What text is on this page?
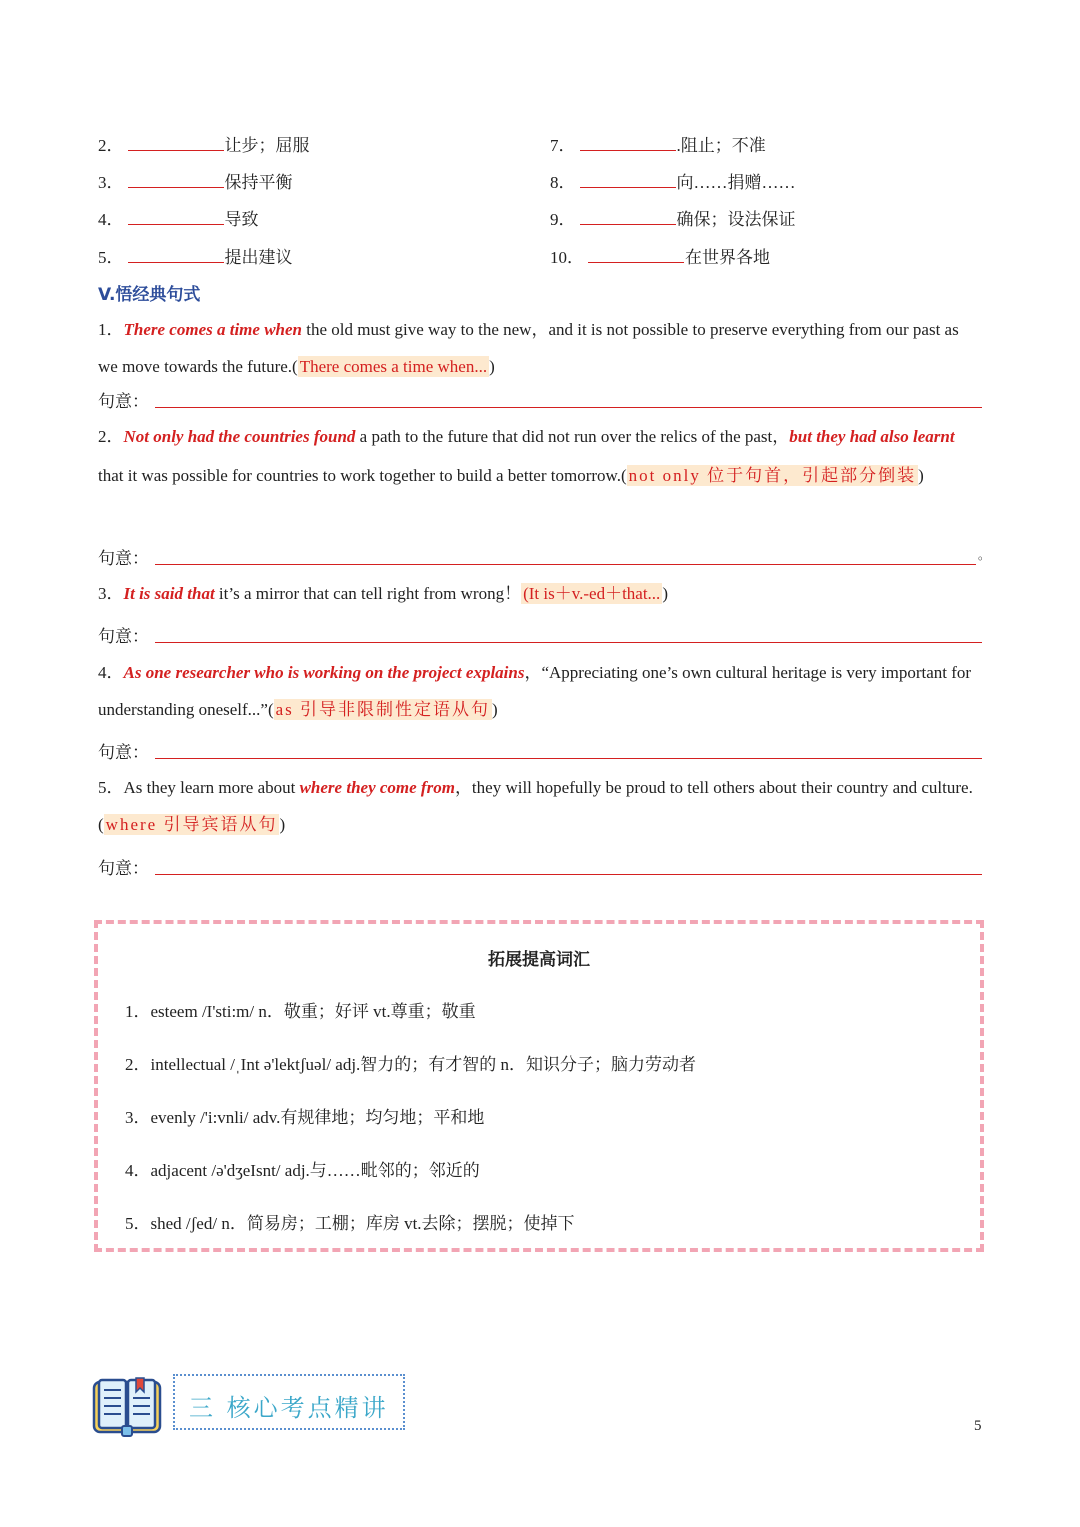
2．	让步；屈服
3．	保持平衡
4．	导致
5．	提出建议
7．	.阻止；不准
8．	向……捐赠……
9．	确保；设法保证
10．	在世界各地
V.悟经典句式
1．There comes a time when the old must give way to the new，and it is not possible to preserve everything from our past as we move towards the future.( There comes a time when... )
句意：
2．Not only had the countries found a path to the future that did not run over the relics of the past，but they had also learnt that it was possible for countries to work together to build a better tomorrow.( not only 位于句首，引起部分倒装 )
句意：	。
3．It is said that it’s a mirror that can tell right from wrong！ (It is＋v.-ed＋that... )
句意：
4．As one researcher who is working on the project explains，“Appreciating one’s own cultural heritage is very important for understanding oneself...”( as 引导非限制性定语从句 )
句意：
5．As they learn more about where they come from，they will hopefully be proud to tell others about their country and culture.( where 引导宾语从句 )
句意：
拓展提高词汇
1．esteem /I'sti:m/ n．敬重；好评 vt.尊重；敬重
2．intellectual /ˌInt ə'lektʃuəl/ adj.智力的；有才智的 n．知识分子；脑力劳动者
3．evenly /'i:vnli/ adv.有规律地；均匀地；平和地
4．adjacent /ə'dʒeIsnt/ adj.与……毗邻的；邻近的
5．shed /ʃed/ n．简易房；工棚；库房 vt.去除；摆脱；使掉下
三 核心考点精讲
5
